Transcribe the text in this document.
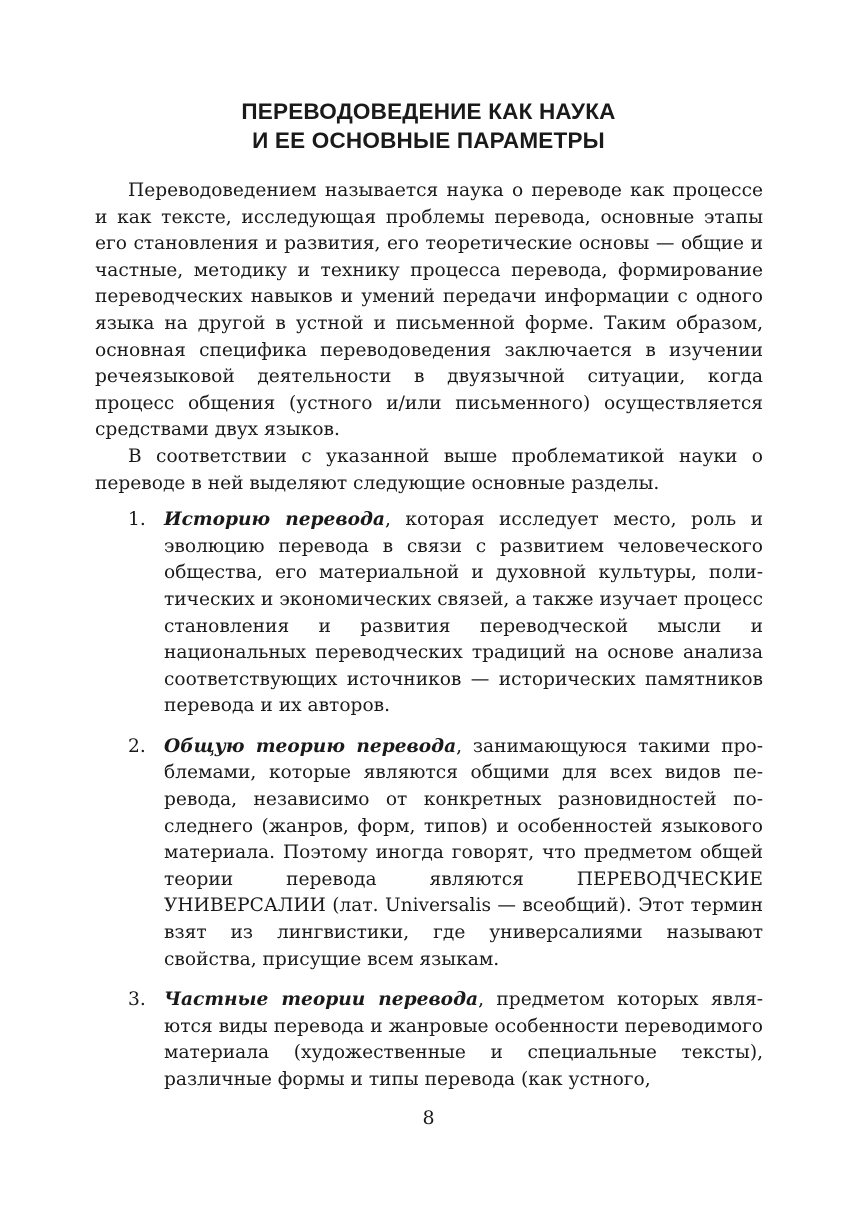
ПЕРЕВОДОВЕДЕНИЕ КАК НАУКА
И ЕЕ ОСНОВНЫЕ ПАРАМЕТРЫ

Переводоведением называется наука о переводе как процессе и как тексте, исследующая проблемы перевода, основные этапы его становления и развития, его теоретические основы — общие и частные, методику и технику процесса перевода, формирование переводческих навыков и умений передачи информации с одного языка на другой в устной и письменной форме. Таким образом, основная специфика переводоведения заключается в изучении речеязыковой деятельности в двуязычной ситуации, когда процесс общения (устного и/или письменного) осуществляется средствами двух языков.

В соответствии с указанной выше проблематикой науки о переводе в ней выделяют следующие основные разделы.

1. Историю перевода, которая исследует место, роль и эволюцию перевода в связи с развитием человеческого общества, его материальной и духовной культуры, политических и экономических связей, а также изучает процесс становления и развития переводческой мысли и национальных переводческих традиций на основе анализа соответствующих источников — исторических памятников перевода и их авторов.
2. Общую теорию перевода, занимающуюся такими проблемами, которые являются общими для всех видов перевода, независимо от конкретных разновидностей последнего (жанров, форм, типов) и особенностей языкового материала. Поэтому иногда говорят, что предметом общей теории перевода являются ПЕРЕВОДЧЕСКИЕ УНИВЕРСАЛИИ (лат. Universalis — всеобщий). Этот термин взят из лингвистики, где универсалиями называют свойства, присущие всем языкам.
3. Частные теории перевода, предметом которых являются виды перевода и жанровые особенности переводимого материала (художественные и специальные тексты), различные формы и типы перевода (как устного,
8
